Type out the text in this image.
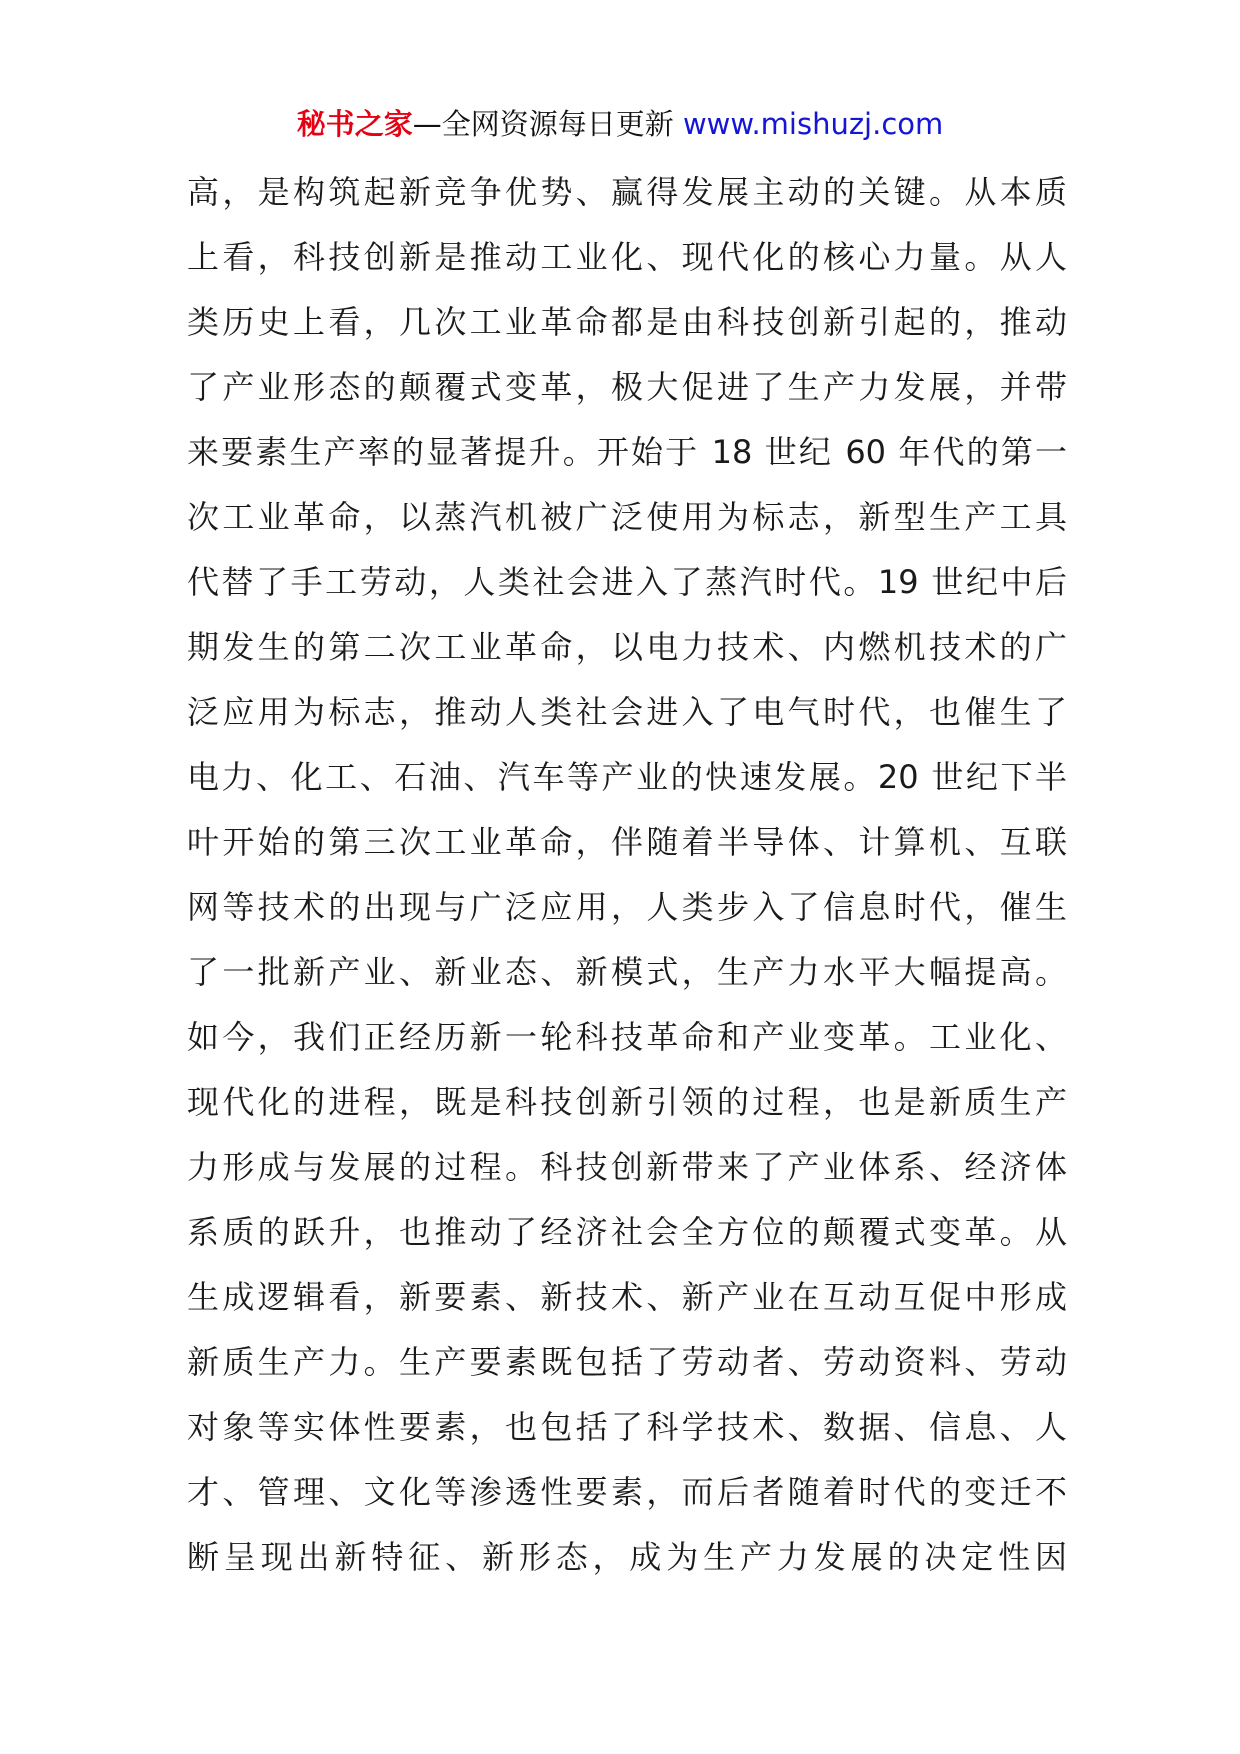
秘书之家—全网资源每日更新 www.mishuzj.com
高，是构筑起新竞争优势、赢得发展主动的关键。从本质
上看，科技创新是推动工业化、现代化的核心力量。从人
类历史上看，几次工业革命都是由科技创新引起的，推动
了产业形态的颠覆式变革，极大促进了生产力发展，并带
来要素生产率的显著提升。开始于 18 世纪 60 年代的第一
次工业革命，以蒸汽机被广泛使用为标志，新型生产工具
代替了手工劳动，人类社会进入了蒸汽时代。19 世纪中后
期发生的第二次工业革命，以电力技术、内燃机技术的广
泛应用为标志，推动人类社会进入了电气时代，也催生了
电力、化工、石油、汽车等产业的快速发展。20 世纪下半
叶开始的第三次工业革命，伴随着半导体、计算机、互联
网等技术的出现与广泛应用，人类步入了信息时代，催生
了一批新产业、新业态、新模式，生产力水平大幅提高。
如今，我们正经历新一轮科技革命和产业变革。工业化、
现代化的进程，既是科技创新引领的过程，也是新质生产
力形成与发展的过程。科技创新带来了产业体系、经济体
系质的跃升，也推动了经济社会全方位的颠覆式变革。从
生成逻辑看，新要素、新技术、新产业在互动互促中形成
新质生产力。生产要素既包括了劳动者、劳动资料、劳动
对象等实体性要素，也包括了科学技术、数据、信息、人
才、管理、文化等渗透性要素，而后者随着时代的变迁不
断呈现出新特征、新形态，成为生产力发展的决定性因
